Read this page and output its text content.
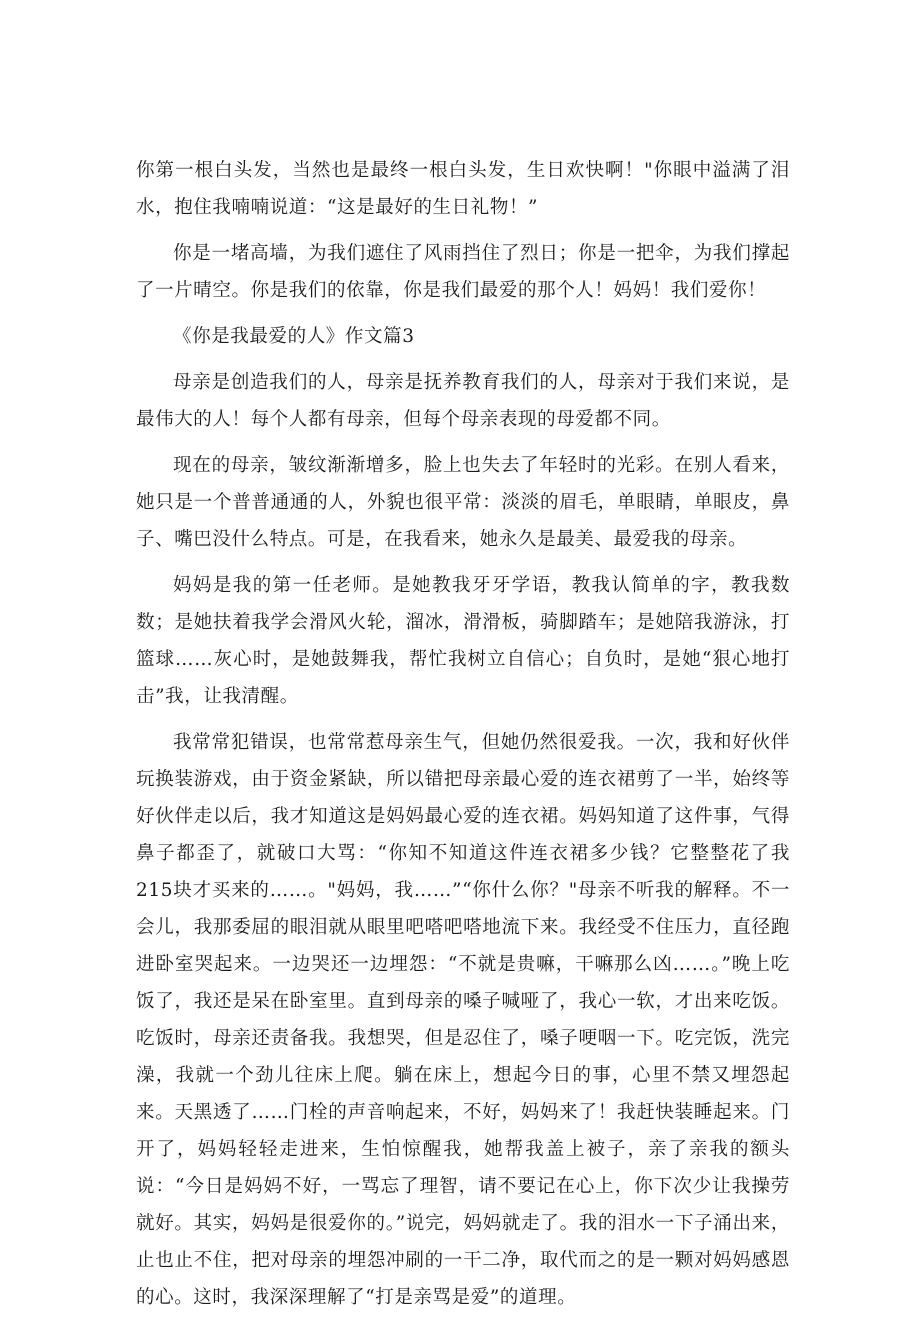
你第一根白头发，当然也是最终一根白头发，生日欢快啊！"你眼中溢满了泪水，抱住我喃喃说道：“这是最好的生日礼物！”

你是一堵高墙，为我们遮住了风雨挡住了烈日；你是一把伞，为我们撑起了一片晴空。你是我们的依靠，你是我们最爱的那个人！妈妈！我们爱你！

《你是我最爱的人》作文篇3

母亲是创造我们的人，母亲是抚养教育我们的人，母亲对于我们来说，是最伟大的人！每个人都有母亲，但每个母亲表现的母爱都不同。

现在的母亲，皱纹渐渐增多，脸上也失去了年轻时的光彩。在别人看来，她只是一个普普通通的人，外貌也很平常：淡淡的眉毛，单眼睛，单眼皮，鼻子、嘴巴没什么特点。可是，在我看来，她永久是最美、最爱我的母亲。

妈妈是我的第一任老师。是她教我牙牙学语，教我认简单的字，教我数数；是她扶着我学会滑风火轮，溜冰，滑滑板，骑脚踏车；是她陪我游泳，打篮球……灰心时，是她鼓舞我，帮忙我树立自信心；自负时，是她“狠心地打击”我，让我清醒。

我常常犯错误，也常常惹母亲生气，但她仍然很爱我。一次，我和好伙伴玩换装游戏，由于资金紧缺，所以错把母亲最心爱的连衣裙剪了一半，始终等好伙伴走以后，我才知道这是妈妈最心爱的连衣裙。妈妈知道了这件事，气得鼻子都歪了，就破口大骂：“你知不知道这件连衣裙多少钱？它整整花了我215块才买来的……。"妈妈，我……”“你什么你？"母亲不听我的解释。不一会儿，我那委屈的眼泪就从眼里吧嗒吧嗒地流下来。我经受不住压力，直径跑进卧室哭起来。一边哭还一边埋怨：“不就是贵嘛，干嘛那么凶……。”晚上吃饭了，我还是呆在卧室里。直到母亲的嗓子喊哑了，我心一软，才出来吃饭。吃饭时，母亲还责备我。我想哭，但是忍住了，嗓子哽咽一下。吃完饭，洗完澡，我就一个劲儿往床上爬。躺在床上，想起今日的事，心里不禁又埋怨起来。天黑透了……门栓的声音响起来，不好，妈妈来了！我赶快装睡起来。门开了，妈妈轻轻走进来，生怕惊醒我，她帮我盖上被子，亲了亲我的额头说：“今日是妈妈不好，一骂忘了理智，请不要记在心上，你下次少让我操劳就好。其实，妈妈是很爱你的。”说完，妈妈就走了。我的泪水一下子涌出来，止也止不住，把对母亲的埋怨冲刷的一干二净，取代而之的是一颗对妈妈感恩的心。这时，我深深理解了“打是亲骂是爱”的道理。
